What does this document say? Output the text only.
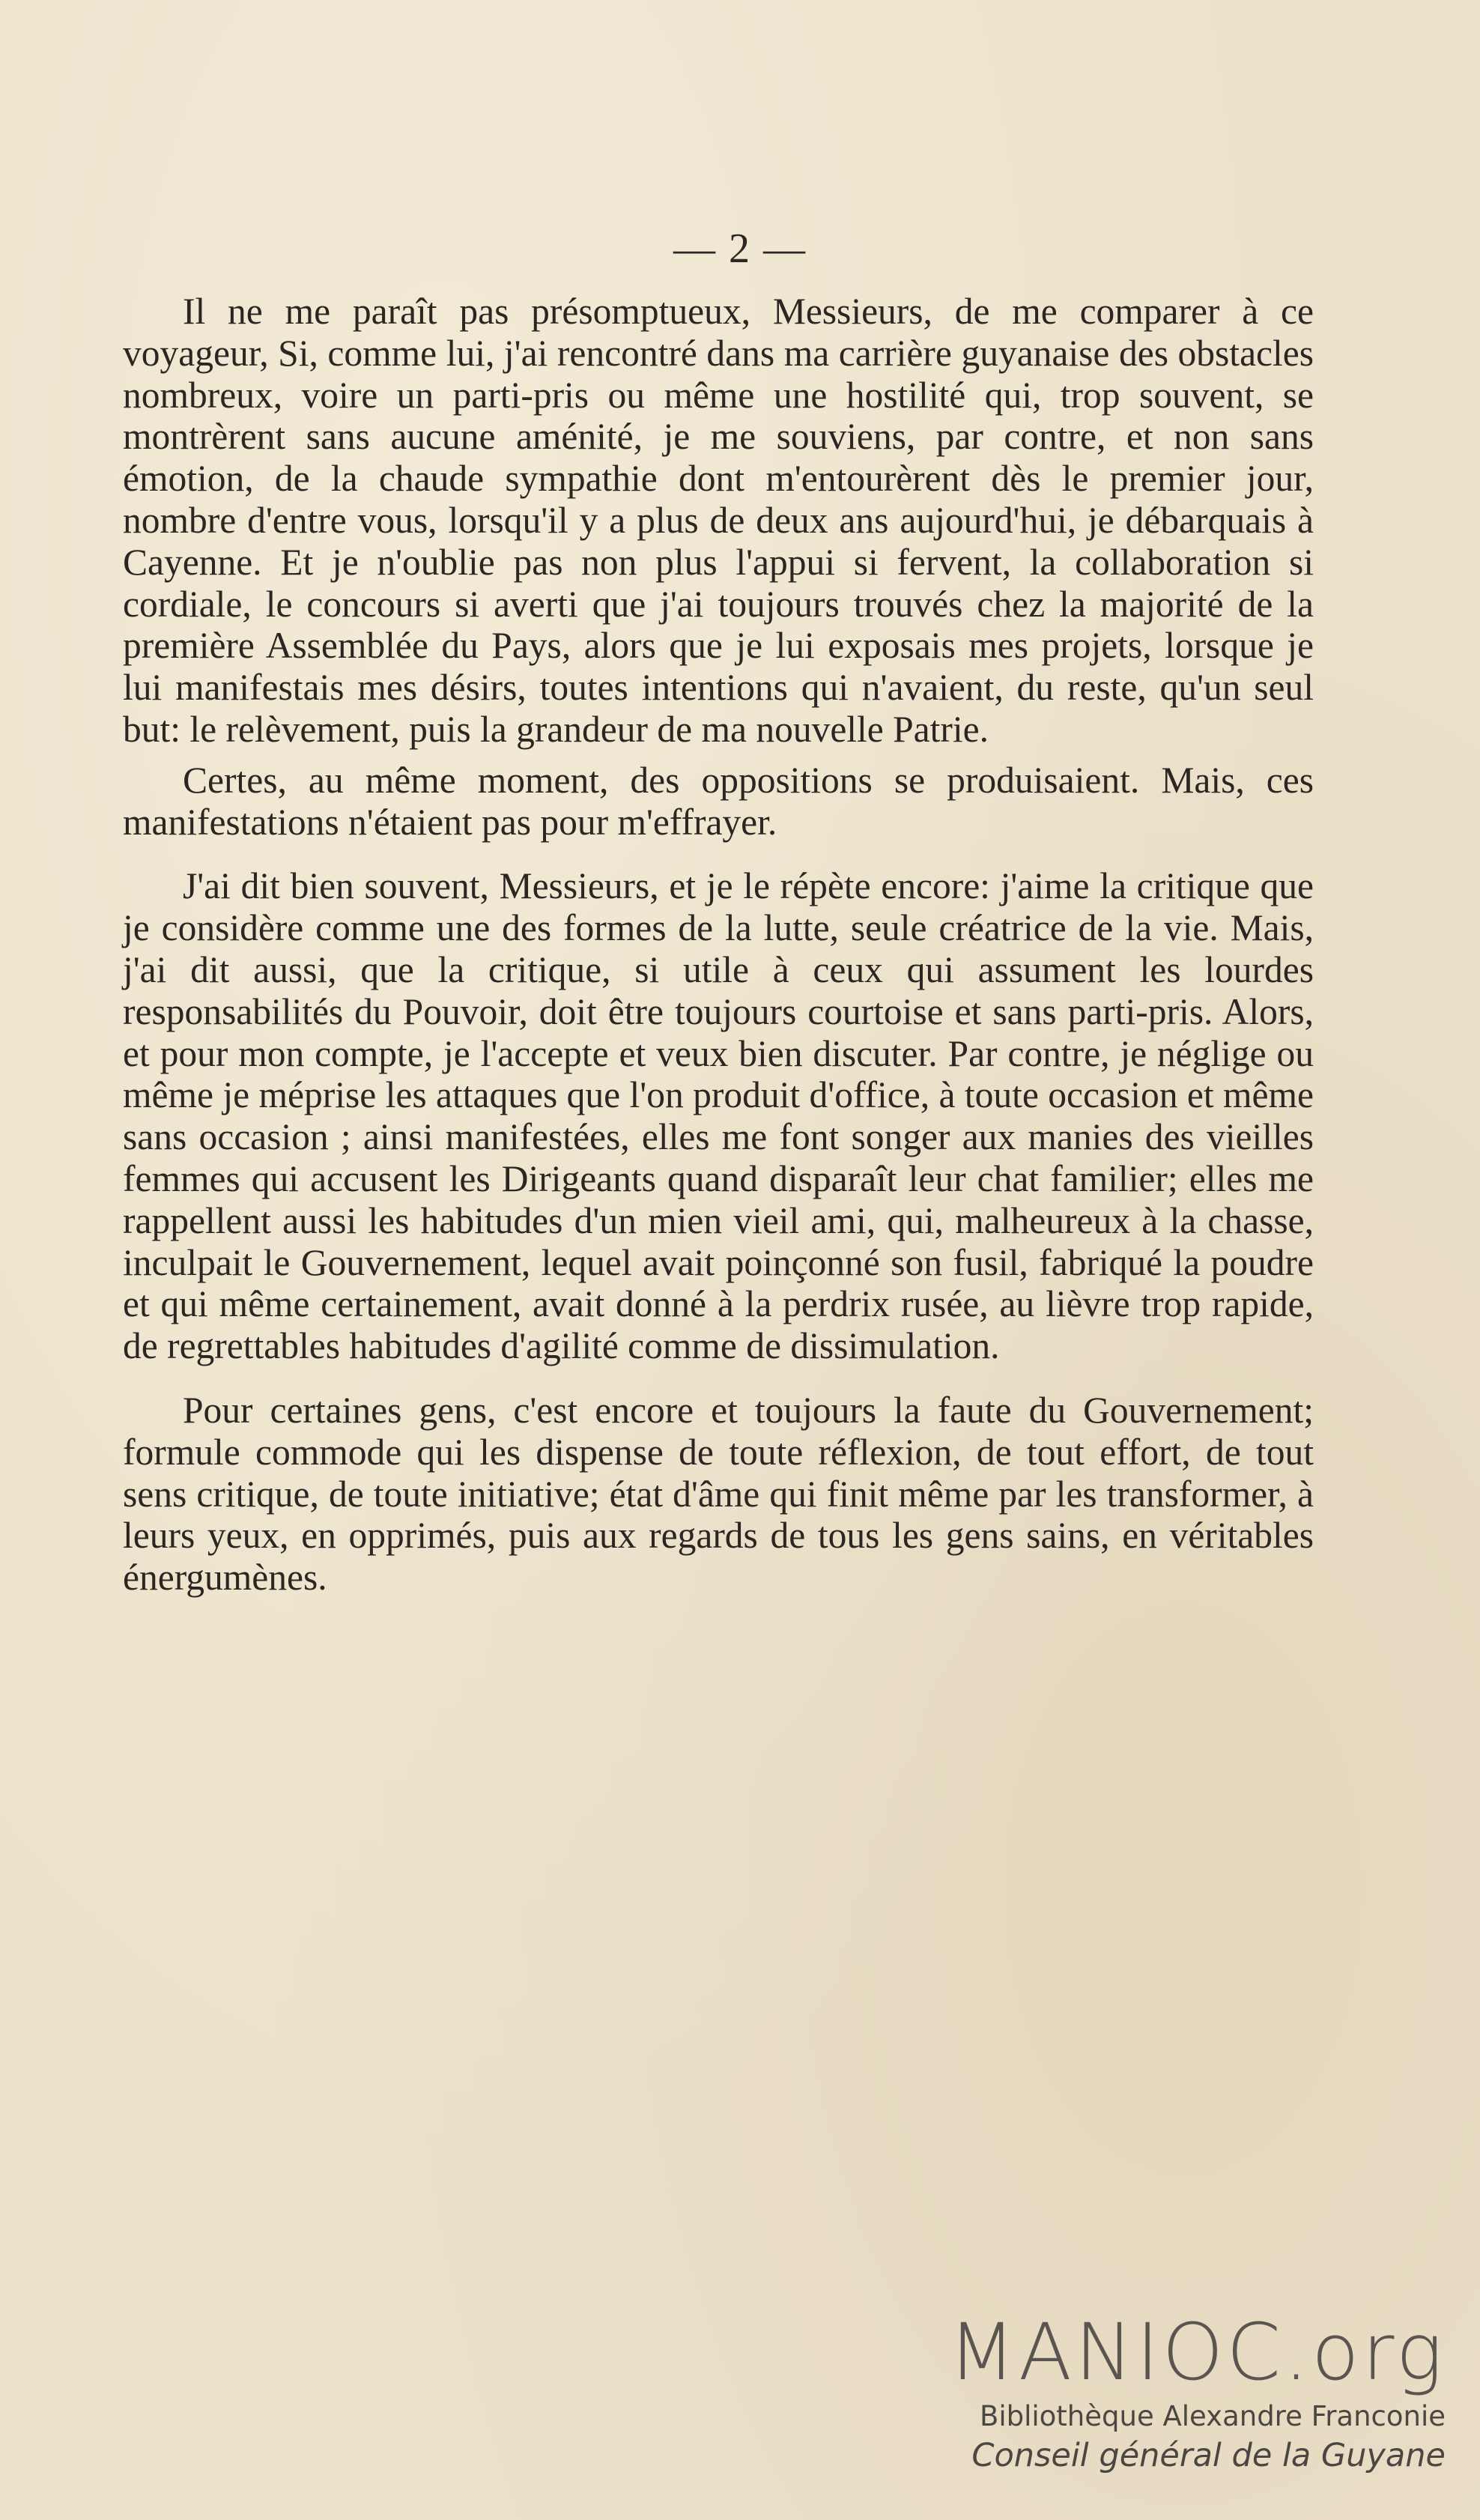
— 2 —

Il ne me paraît pas présomptueux, Messieurs, de me comparer à ce voyageur, Si, comme lui, j'ai rencontré dans ma carrière guyanaise des obstacles nombreux, voire un parti-pris ou même une hostilité qui, trop souvent, se montrèrent sans aucune aménité, je me souviens, par contre, et non sans émotion, de la chaude sympathie dont m'entourèrent dès le premier jour, nombre d'entre vous, lorsqu'il y a plus de deux ans aujourd'hui, je débarquais à Cayenne. Et je n'oublie pas non plus l'appui si fervent, la collaboration si cordiale, le concours si averti que j'ai toujours trouvés chez la majorité de la première Assemblée du Pays, alors que je lui exposais mes projets, lorsque je lui manifestais mes désirs, toutes intentions qui n'avaient, du reste, qu'un seul but: le relèvement, puis la grandeur de ma nouvelle Patrie.

Certes, au même moment, des oppositions se produisaient. Mais, ces manifestations n'étaient pas pour m'effrayer.

J'ai dit bien souvent, Messieurs, et je le répète encore: j'aime la critique que je considère comme une des formes de la lutte, seule créatrice de la vie. Mais, j'ai dit aussi, que la critique, si utile à ceux qui assument les lourdes responsabilités du Pouvoir, doit être toujours courtoise et sans parti-pris. Alors, et pour mon compte, je l'accepte et veux bien discuter. Par contre, je néglige ou même je méprise les attaques que l'on produit d'office, à toute occasion et même sans occasion ; ainsi manifestées, elles me font songer aux manies des vieilles femmes qui accusent les Dirigeants quand disparaît leur chat familier; elles me rappellent aussi les habitudes d'un mien vieil ami, qui, malheureux à la chasse, inculpait le Gouvernement, lequel avait poinçonné son fusil, fabriqué la poudre et qui même certainement, avait donné à la perdrix rusée, au lièvre trop rapide, de regrettables habitudes d'agilité comme de dissimulation.

Pour certaines gens, c'est encore et toujours la faute du Gouvernement; formule commode qui les dispense de toute réflexion, de tout effort, de tout sens critique, de toute initiative; état d'âme qui finit même par les transformer, à leurs yeux, en opprimés, puis aux regards de tous les gens sains, en véritables énergumènes.

MANIOC.org
Bibliothèque Alexandre Franconie
Conseil général de la Guyane
